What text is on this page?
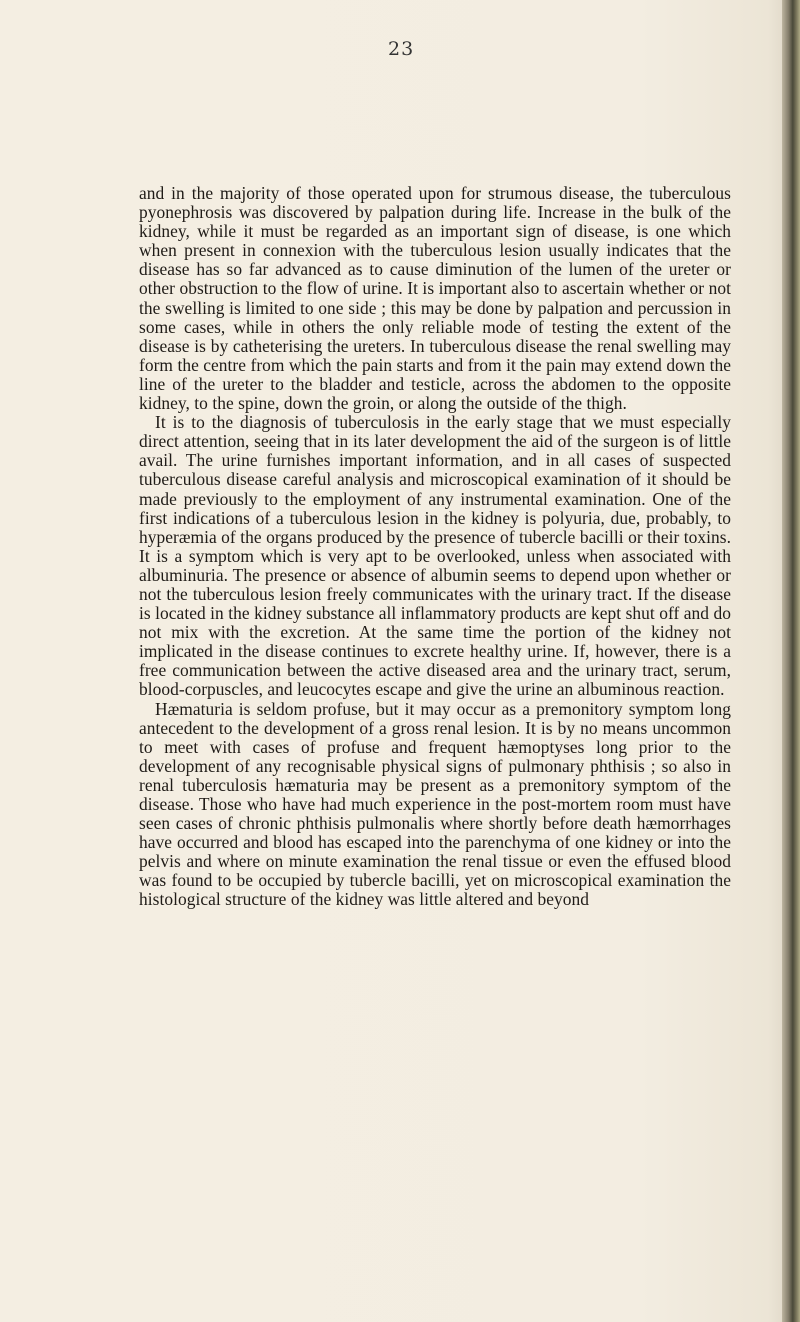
23

and in the majority of those operated upon for strumous disease, the tuberculous pyonephrosis was discovered by palpation during life. Increase in the bulk of the kidney, while it must be regarded as an important sign of disease, is one which when present in connexion with the tuberculous lesion usually indicates that the disease has so far advanced as to cause diminution of the lumen of the ureter or other obstruction to the flow of urine. It is important also to ascertain whether or not the swelling is limited to one side ; this may be done by palpation and percussion in some cases, while in others the only reliable mode of testing the extent of the disease is by catheterising the ureters. In tuberculous disease the renal swelling may form the centre from which the pain starts and from it the pain may extend down the line of the ureter to the bladder and testicle, across the abdomen to the opposite kidney, to the spine, down the groin, or along the outside of the thigh.

It is to the diagnosis of tuberculosis in the early stage that we must especially direct attention, seeing that in its later development the aid of the surgeon is of little avail. The urine furnishes important information, and in all cases of suspected tuberculous disease careful analysis and microscopical examination of it should be made previously to the employment of any instrumental examination. One of the first indications of a tuberculous lesion in the kidney is polyuria, due, probably, to hyperæmia of the organs produced by the presence of tubercle bacilli or their toxins. It is a symptom which is very apt to be overlooked, unless when associated with albuminuria. The presence or absence of albumin seems to depend upon whether or not the tuberculous lesion freely communicates with the urinary tract. If the disease is located in the kidney substance all inflammatory products are kept shut off and do not mix with the excretion. At the same time the portion of the kidney not implicated in the disease continues to excrete healthy urine. If, however, there is a free communication between the active diseased area and the urinary tract, serum, blood-corpuscles, and leucocytes escape and give the urine an albuminous reaction.

Hæmaturia is seldom profuse, but it may occur as a premonitory symptom long antecedent to the development of a gross renal lesion. It is by no means uncommon to meet with cases of profuse and frequent hæmoptyses long prior to the development of any recognisable physical signs of pulmonary phthisis ; so also in renal tuberculosis hæmaturia may be present as a premonitory symptom of the disease. Those who have had much experience in the post-mortem room must have seen cases of chronic phthisis pulmonalis where shortly before death hæmorrhages have occurred and blood has escaped into the parenchyma of one kidney or into the pelvis and where on minute examination the renal tissue or even the effused blood was found to be occupied by tubercle bacilli, yet on microscopical examination the histological structure of the kidney was little altered and beyond
